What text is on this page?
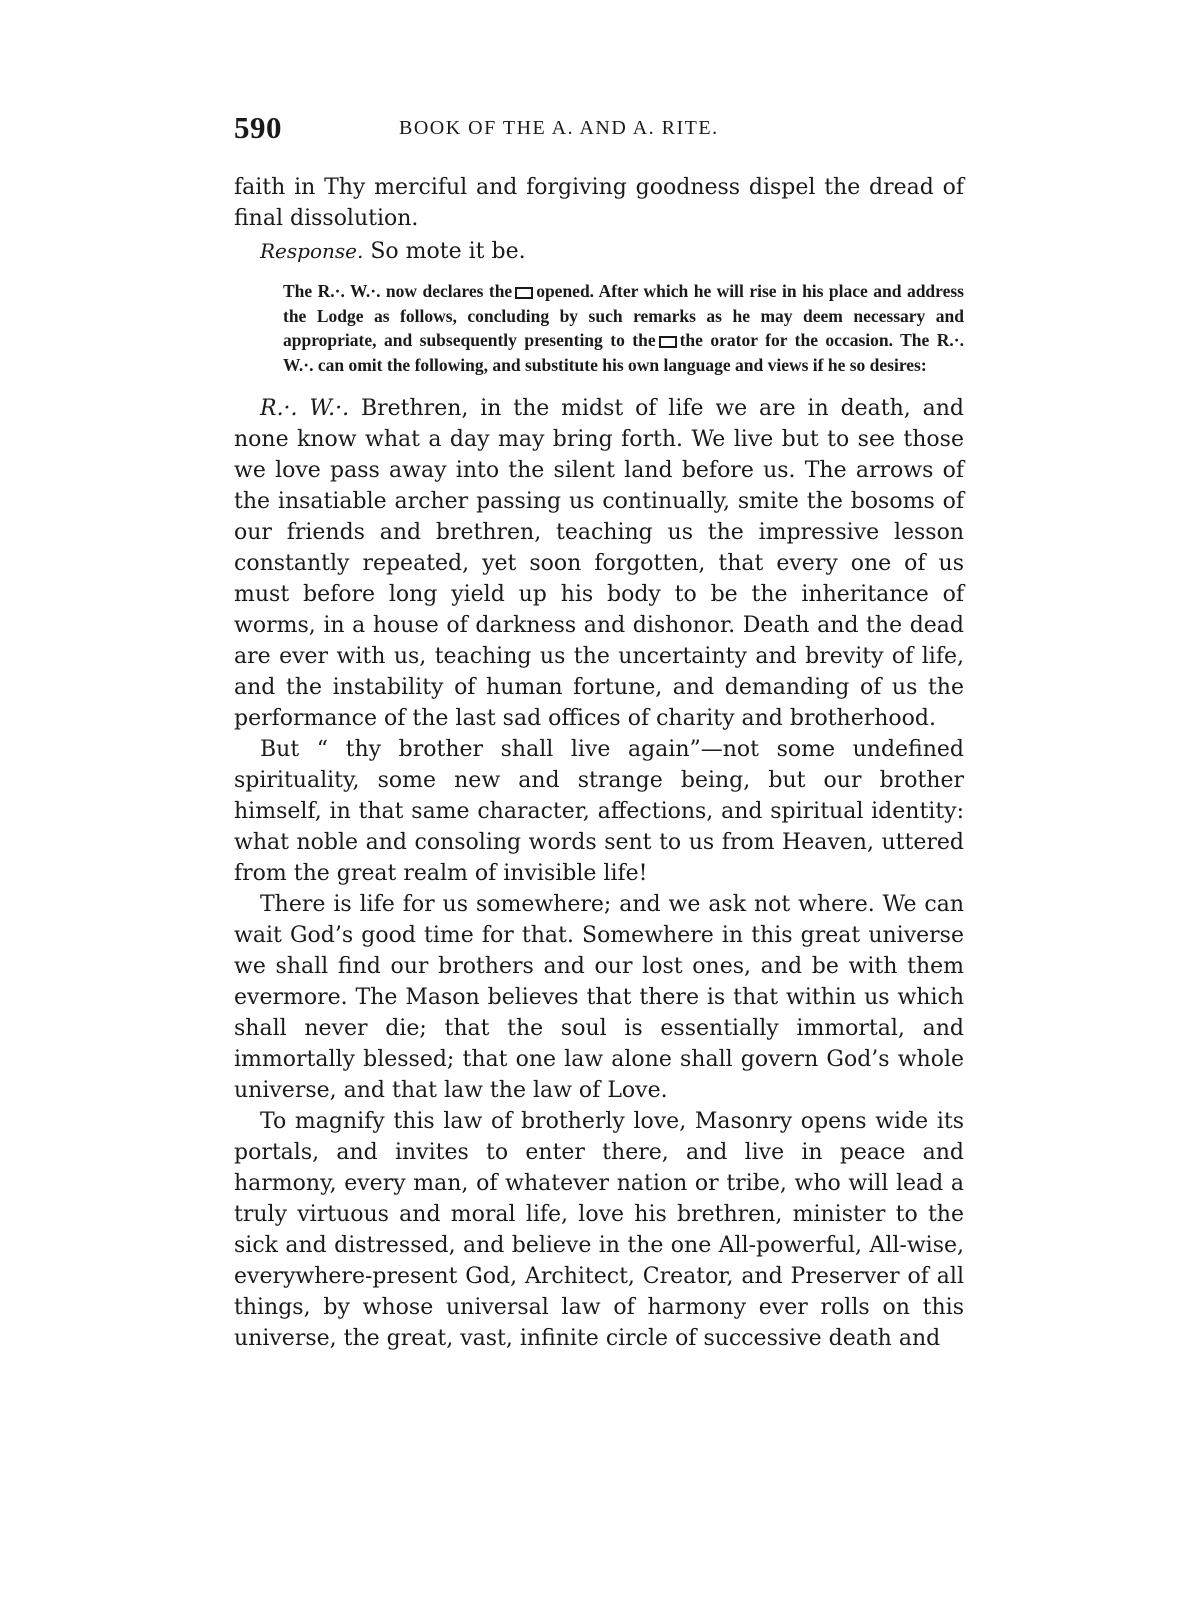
590	BOOK OF THE A. AND A. RITE.

faith in Thy merciful and forgiving goodness dispel the dread of final dissolution.

Response. So mote it be.

The R.·. W.·. now declares the opened. After which he will rise in his place and address the Lodge as follows, concluding by such remarks as he may deem necessary and appropriate, and subsequently presenting to the the orator for the occasion. The R.·. W.·. can omit the following, and substitute his own language and views if he so desires:

R.·. W.·. Brethren, in the midst of life we are in death, and none know what a day may bring forth. We live but to see those we love pass away into the silent land before us. The arrows of the insatiable archer passing us continually, smite the bosoms of our friends and brethren, teaching us the impressive lesson constantly repeated, yet soon forgotten, that every one of us must before long yield up his body to be the inheritance of worms, in a house of darkness and dishonor. Death and the dead are ever with us, teaching us the uncertainty and brevity of life, and the instability of human fortune, and demanding of us the performance of the last sad offices of charity and brotherhood.

But “ thy brother shall live again”—not some undefined spirituality, some new and strange being, but our brother himself, in that same character, affections, and spiritual identity: what noble and consoling words sent to us from Heaven, uttered from the great realm of invisible life!

There is life for us somewhere; and we ask not where. We can wait God’s good time for that. Somewhere in this great universe we shall find our brothers and our lost ones, and be with them evermore. The Mason believes that there is that within us which shall never die; that the soul is essentially immortal, and immortally blessed; that one law alone shall govern God’s whole universe, and that law the law of Love.

To magnify this law of brotherly love, Masonry opens wide its portals, and invites to enter there, and live in peace and harmony, every man, of whatever nation or tribe, who will lead a truly virtuous and moral life, love his brethren, minister to the sick and distressed, and believe in the one All-powerful, All-wise, everywhere-present God, Architect, Creator, and Preserver of all things, by whose universal law of harmony ever rolls on this universe, the great, vast, infinite circle of successive death and
